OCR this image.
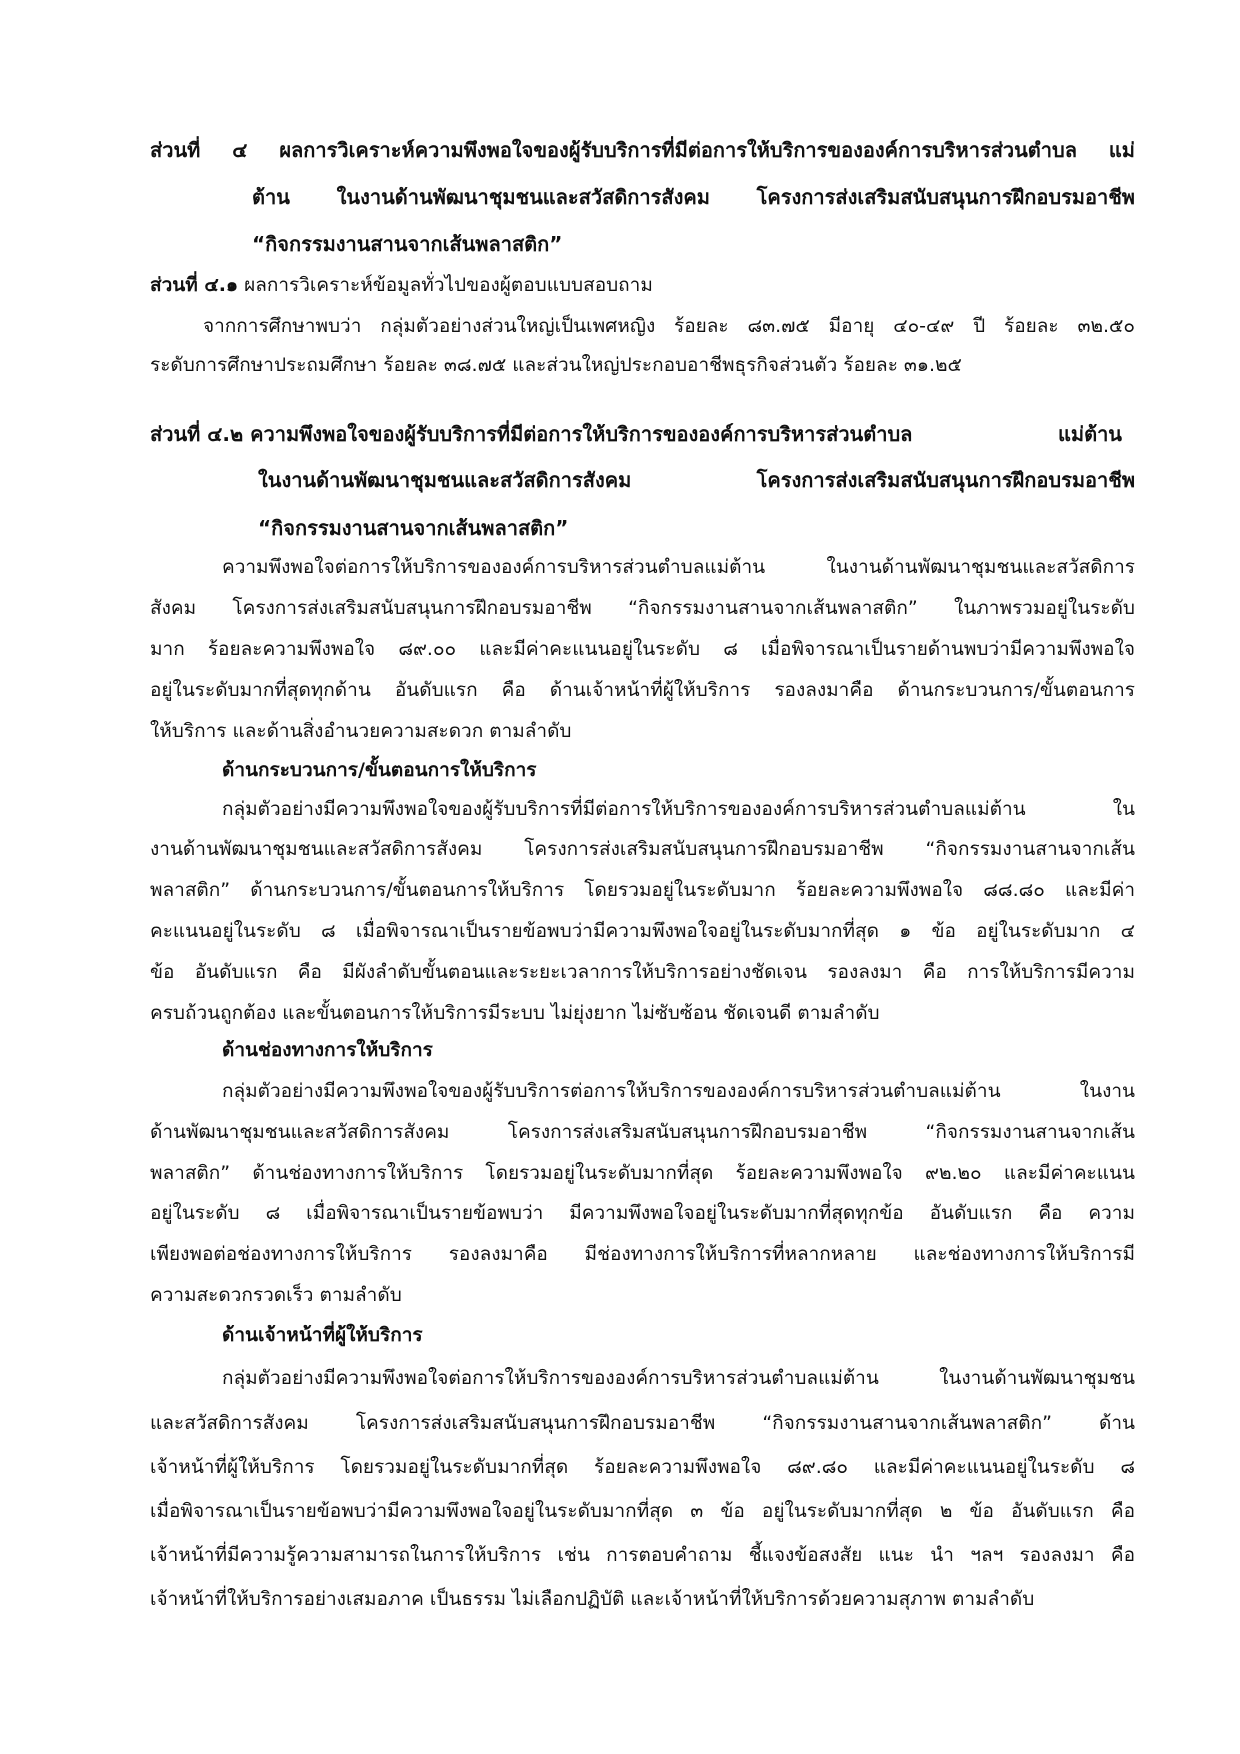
ส่วนที่ ๔ ผลการวิเคราะห์ความพึงพอใจของผู้รับบริการที่มีต่อการให้บริการขององค์การบริหารส่วนตำบล แม่
ต้าน ในงานด้านพัฒนาชุมชนและสวัสดิการสังคม โครงการส่งเสริมสนับสนุนการฝึกอบรมอาชีพ
“กิจกรรมงานสานจากเส้นพลาสติก”
ส่วนที่ ๔.๑ ผลการวิเคราะห์ข้อมูลทั่วไปของผู้ตอบแบบสอบถาม
จากการศึกษาพบว่า กลุ่มตัวอย่างส่วนใหญ่เป็นเพศหญิง ร้อยละ ๘๓.๗๕ มีอายุ ๔๐-๔๙ ปี ร้อยละ ๓๒.๕๐
ระดับการศึกษาประถมศึกษา ร้อยละ ๓๘.๗๕ และส่วนใหญ่ประกอบอาชีพธุรกิจส่วนตัว ร้อยละ ๓๑.๒๕
ส่วนที่ ๔.๒ ความพึงพอใจของผู้รับบริการที่มีต่อการให้บริการขององค์การบริหารส่วนตำบล	แม่ต้าน
ในงานด้านพัฒนาชุมชนและสวัสดิการสังคม โครงการส่งเสริมสนับสนุนการฝึกอบรมอาชีพ
“กิจกรรมงานสานจากเส้นพลาสติก”
ความพึงพอใจต่อการให้บริการขององค์การบริหารส่วนตำบลแม่ต้าน ในงานด้านพัฒนาชุมชนและสวัสดิการ
สังคม โครงการส่งเสริมสนับสนุนการฝึกอบรมอาชีพ “กิจกรรมงานสานจากเส้นพลาสติก” ในภาพรวมอยู่ในระดับ
มาก ร้อยละความพึงพอใจ ๘๙.๐๐ และมีค่าคะแนนอยู่ในระดับ ๘ เมื่อพิจารณาเป็นรายด้านพบว่ามีความพึงพอใจ
อยู่ในระดับมากที่สุดทุกด้าน อันดับแรก คือ ด้านเจ้าหน้าที่ผู้ให้บริการ รองลงมาคือ ด้านกระบวนการ/ขั้นตอนการ
ให้บริการ และด้านสิ่งอำนวยความสะดวก ตามลำดับ
ด้านกระบวนการ/ขั้นตอนการให้บริการ
กลุ่มตัวอย่างมีความพึงพอใจของผู้รับบริการที่มีต่อการให้บริการขององค์การบริหารส่วนตำบลแม่ต้าน ใน
งานด้านพัฒนาชุมชนและสวัสดิการสังคม โครงการส่งเสริมสนับสนุนการฝึกอบรมอาชีพ “กิจกรรมงานสานจากเส้น
พลาสติก” ด้านกระบวนการ/ขั้นตอนการให้บริการ โดยรวมอยู่ในระดับมาก ร้อยละความพึงพอใจ ๘๘.๘๐ และมีค่า
คะแนนอยู่ในระดับ ๘ เมื่อพิจารณาเป็นรายข้อพบว่ามีความพึงพอใจอยู่ในระดับมากที่สุด ๑ ข้อ อยู่ในระดับมาก ๔
ข้อ อันดับแรก คือ มีผังลำดับขั้นตอนและระยะเวลาการให้บริการอย่างชัดเจน รองลงมา คือ การให้บริการมีความ
ครบถ้วนถูกต้อง และขั้นตอนการให้บริการมีระบบ ไม่ยุ่งยาก ไม่ซับซ้อน ชัดเจนดี ตามลำดับ
ด้านช่องทางการให้บริการ
กลุ่มตัวอย่างมีความพึงพอใจของผู้รับบริการต่อการให้บริการขององค์การบริหารส่วนตำบลแม่ต้าน ในงาน
ด้านพัฒนาชุมชนและสวัสดิการสังคม โครงการส่งเสริมสนับสนุนการฝึกอบรมอาชีพ “กิจกรรมงานสานจากเส้น
พลาสติก” ด้านช่องทางการให้บริการ โดยรวมอยู่ในระดับมากที่สุด ร้อยละความพึงพอใจ ๙๒.๒๐ และมีค่าคะแนน
อยู่ในระดับ ๘ เมื่อพิจารณาเป็นรายข้อพบว่า มีความพึงพอใจอยู่ในระดับมากที่สุดทุกข้อ อันดับแรก คือ ความ
เพียงพอต่อช่องทางการให้บริการ รองลงมาคือ มีช่องทางการให้บริการที่หลากหลาย และช่องทางการให้บริการมี
ความสะดวกรวดเร็ว ตามลำดับ
ด้านเจ้าหน้าที่ผู้ให้บริการ
กลุ่มตัวอย่างมีความพึงพอใจต่อการให้บริการขององค์การบริหารส่วนตำบลแม่ต้าน ในงานด้านพัฒนาชุมชน
และสวัสดิการสังคม โครงการส่งเสริมสนับสนุนการฝึกอบรมอาชีพ “กิจกรรมงานสานจากเส้นพลาสติก” ด้าน
เจ้าหน้าที่ผู้ให้บริการ โดยรวมอยู่ในระดับมากที่สุด ร้อยละความพึงพอใจ ๘๙.๘๐ และมีค่าคะแนนอยู่ในระดับ ๘
เมื่อพิจารณาเป็นรายข้อพบว่ามีความพึงพอใจอยู่ในระดับมากที่สุด ๓ ข้อ อยู่ในระดับมากที่สุด ๒ ข้อ อันดับแรก คือ
เจ้าหน้าที่มีความรู้ความสามารถในการให้บริการ เช่น การตอบคำถาม ชี้แจงข้อสงสัย แนะ นำ ฯลฯ รองลงมา คือ
เจ้าหน้าที่ให้บริการอย่างเสมอภาค เป็นธรรม ไม่เลือกปฏิบัติ และเจ้าหน้าที่ให้บริการด้วยความสุภาพ ตามลำดับ
